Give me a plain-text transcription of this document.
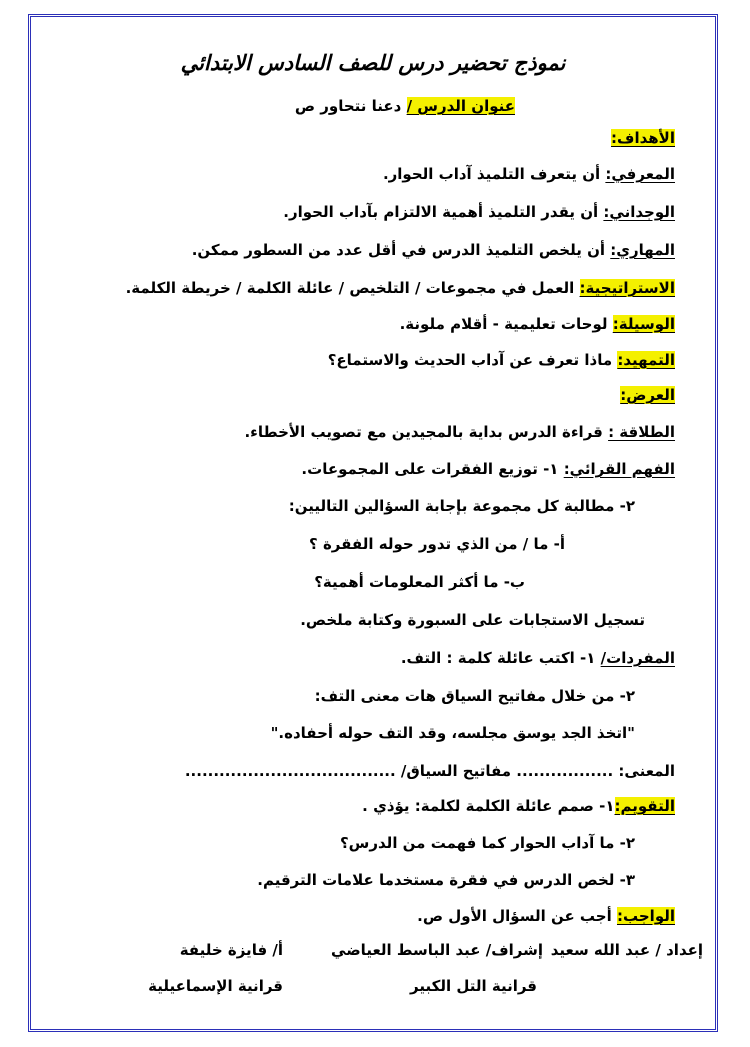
نموذج تحضير درس للصف السادس الابتدائي
عنوان الدرس / دعنا نتحاور ص
الأهداف:
المعرفي: أن يتعرف التلميذ آداب الحوار.
الوجداني: أن يقدر التلميذ أهمية الالتزام بآداب الحوار.
المهاري: أن يلخص التلميذ الدرس في أقل عدد من السطور ممكن.
الاستراتيجية: العمل في مجموعات / التلخيص / عائلة الكلمة / خريطة الكلمة.
الوسيلة: لوحات تعليمية - أقلام ملونة.
التمهيد: ماذا تعرف عن آداب الحديث والاستماع؟
العرض:
الطلاقة : قراءة الدرس بداية بالمجيدين مع تصويب الأخطاء.
الفهم القرائي: ١- توزيع الفقرات على المجموعات.
٢- مطالبة كل مجموعة بإجابة السؤالين التاليين:
أ- ما / من الذي تدور حوله الفقرة ؟
ب- ما أكثر المعلومات أهمية؟
تسجيل الاستجابات على السبورة وكتابة ملخص.
المفردات/ ١- اكتب عائلة كلمة : التف.
٢- من خلال مفاتيح السياق هات معنى التف:
"اتخذ الجد يوسق مجلسه، وقد التف حوله أحفاده."
المعنى: ................. مفاتيح السياق/ .....................................
التقويم:١- صمم عائلة الكلمة لكلمة: يؤذي .
٢- ما آداب الحوار كما فهمت من الدرس؟
٣- لخص الدرس في فقرة مستخدما علامات الترقيم.
الواجب: أجب عن السؤال الأول ص.
إعداد / عبد الله سعيد
إشراف/ عبد الباسط العياضي
أ/ فايزة خليفة
قرانية التل الكبير
قرانية الإسماعيلية
